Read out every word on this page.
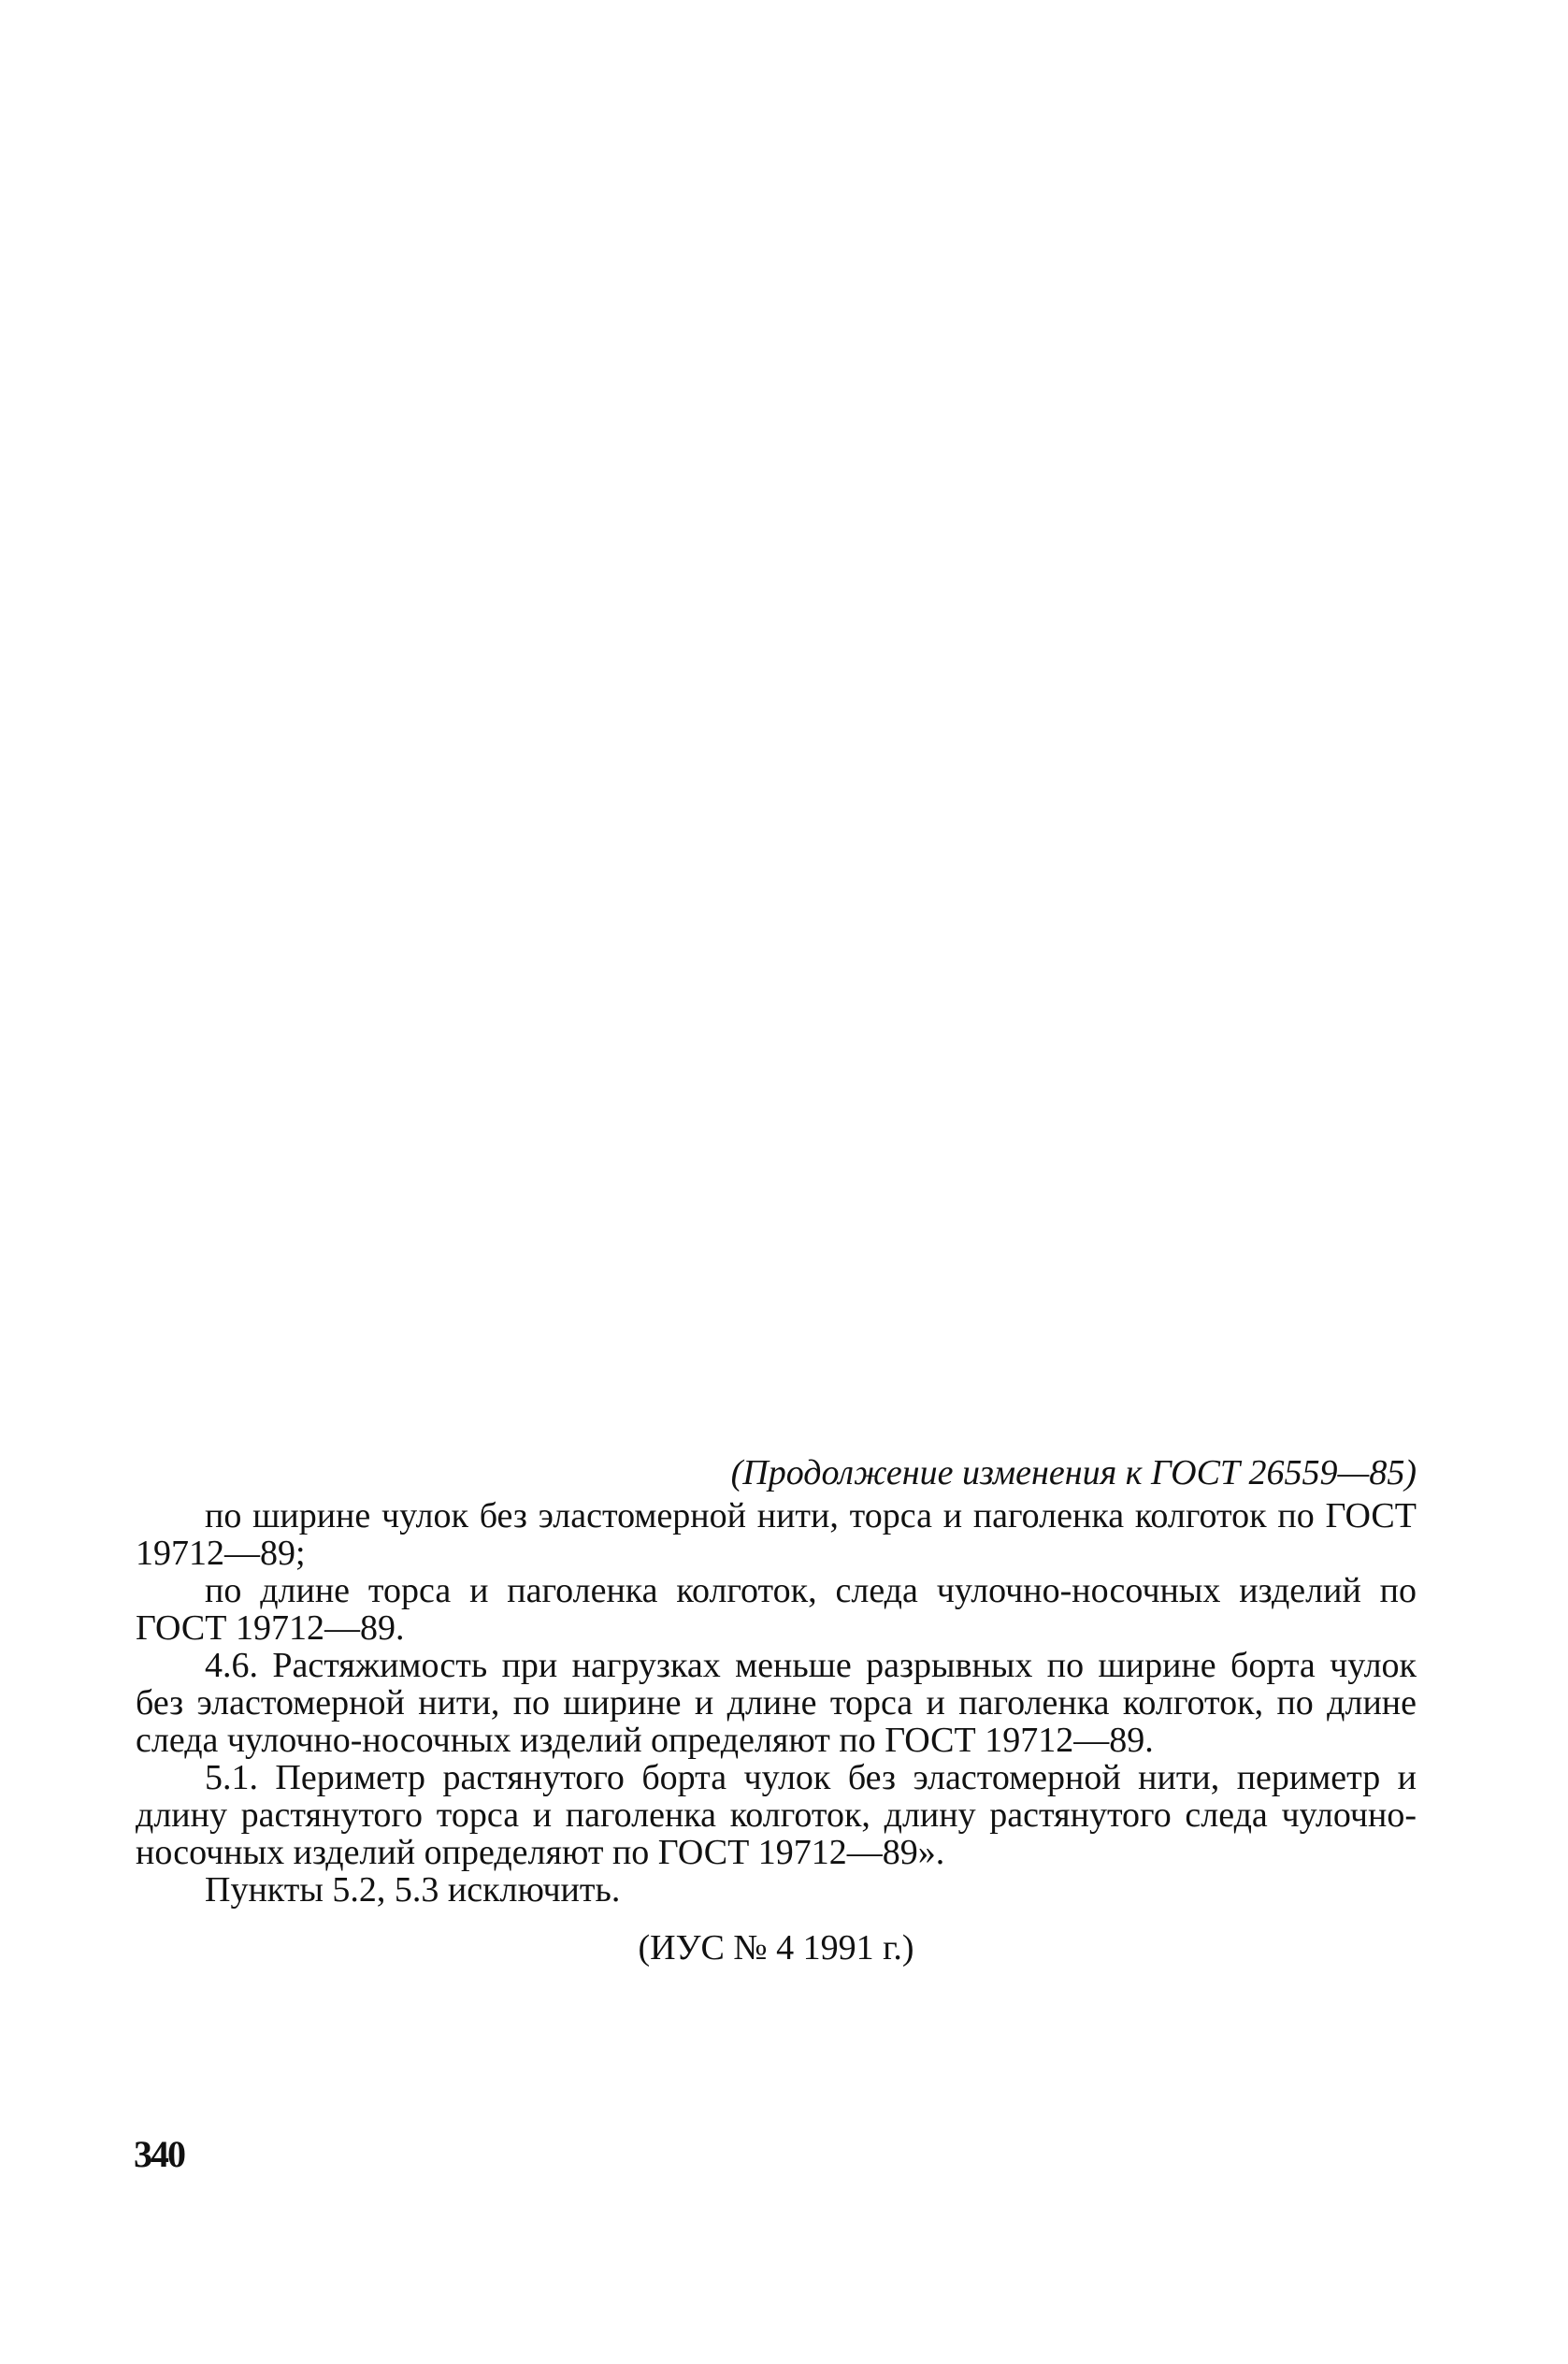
(Продолжение изменения к ГОСТ 26559—85)

по ширине чулок без эластомерной нити, торса и паголенка колготок по ГОСТ 19712—89;

по длине торса и паголенка колготок, следа чулочно-носочных изделий по ГОСТ 19712—89.

4.6. Растяжимость при нагрузках меньше разрывных по ширине борта чулок без эластомерной нити, по ширине и длине торса и паголенка колготок, по длине следа чулочно-носочных изделий определяют по ГОСТ 19712—89.

5.1. Периметр растянутого борта чулок без эластомерной нити, периметр и длину растянутого торса и паголенка колготок, длину растянутого следа чулочно-носочных изделий определяют по ГОСТ 19712—89».

Пункты 5.2, 5.3 исключить.

(ИУС № 4 1991 г.)

340
